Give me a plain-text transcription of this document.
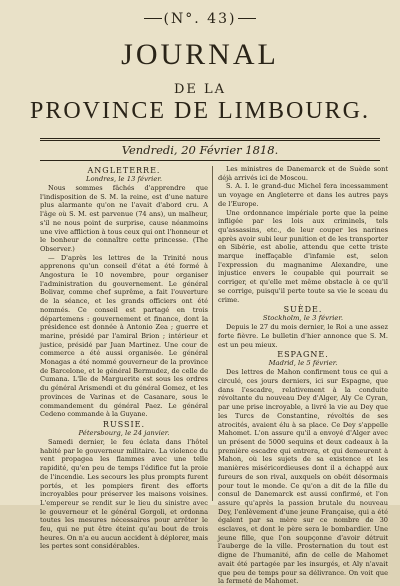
(N°. 43)
JOURNAL
DE LA
PROVINCE DE LIMBOURG.
Vendredi, 20 Février 1818.
ANGLETERRE.
Londres, le 13 février.

Nous sommes fâchés d'apprendre que l'indisposition de S. M. la reine, est d'une nature plus alarmante qu'on ne l'avait d'abord cru. A l'âge où S. M. est parvenue (74 ans), un malheur, s'il ne nous point de surprise, cause néanmoins une vive affliction à tous ceux qui ont l'honneur et le bonheur de connaître cette princesse. (The Observer.)

— D'après les lettres de la Trinité nous apprenons qu'un conseil d'état a été formé à Angostura le 10 novembre, pour organiser l'administration du gouvernement. Le général Bolivar, comme chef suprême, a fait l'ouverture de la séance, et les grands officiers ont été nommés. Ce conseil est partagé en trois départemens : gouvernement et finance, dont la présidence est donnée à Antonio Zea ; guerre et marine, présidé par l'amiral Brion ; intérieur et justice, présidé par Juan Martinez. Une cour de commerce a été aussi organisée. Le général Monagas a été nommé gouverneur de la province de Barcelone, et le général Bermudez, de celle de Cumana. L'île de Marguerite est sous les ordres du général Arismendi et du général Gomez, et les provinces de Varinas et de Casanare, sous le commandement du général Paez. Le général Cedeno commande à la Guyane.

RUSSIE.
Pétersbourg, le 24 janvier.

Samedi dernier, le feu éclata dans l'hôtel habité par le gouverneur militaire. La violence du vent propagea les flammes avec une telle rapidité, qu'en peu de temps l'édifice fut la proie de l'incendie. Les secours les plus prompts furent portés, et les pompiers firent des efforts incroyables pour préserver les maisons voisines. L'empereur se rendit sur le lieu du sinistre avec le gouverneur et le général Gorgoli, et ordonna toutes les mesures nécessaires pour arrêter le feu, qui ne put être éteint qu'au bout de trois heures. On n'a eu aucun accident à déplorer, mais les pertes sont considérables.

Les ministres de Danemarck et de Suède sont déjà arrivés ici de Moscou.

S. A. I. le grand-duc Michel fera incessamment un voyage en Angleterre et dans les autres pays de l'Europe.

Une ordonnance impériale porte que la peine infligée par les lois aux criminels, tels qu'assassins, etc., de leur couper les narines après avoir subi leur punition et de les transporter en Sibérie, est abolie, attendu que cette triste marque ineffaçable d'infamie est, selon l'expression du magnanime Alexandre, une injustice envers le coupable qui pourrait se corriger, et qu'elle met même obstacle à ce qu'il se corrige, puisqu'il perte toute sa vie le sceau du crime.

SUÈDE.
Stockholm, le 3 février.

Depuis le 27 du mois dernier, le Roi a une assez forte fièvre. Le bulletin d'hier annonce que S. M. est un peu mieux.

ESPAGNE.
Madrid, le 5 février.

Des lettres de Mahon confirment tous ce qui a circulé, ces jours derniers, ici sur Espagne, que dans l'escadre, relativement à la conduite révoltante du nouveau Dey d'Alger, Aly Ce Cyran, par une prise incroyable, a livré la vie au Dey que les Turcs de Constantine, révoltés de ses atrocités, avaient élu à sa place. Ce Dey s'appelle Mahomet. L'on assure qu'il a envoyé d'Alger avec un présent de 5000 sequins et deux cadeaux à la première escadre qui entrera, et qui demeurent à Mahon, où les sujets de sa existence et les manières miséricordieuses dont il a échappé aux fureurs de son rival, auxquels on obéit désormais pour tout le monde. Ce qu'on a dit de la fille du consul de Danemarck est aussi confirmé, et l'on assure qu'après la passion brutale du nouveau Dey, l'enlèvement d'une jeune Française, qui a été égalent par sa mère sur ce nombre de 30 esclaves, et dont le père sera le bombardier. Une jeune fille, que l'on soupçonne d'avoir détruit l'auberge de la ville. Prosternation du tout est digne de l'humanité, afin de celle de Mahomet avait été partagée par les insurgés, et Aly n'avait que peu de temps pour sa délivrance. On voit que la fermeté de Mahomet.
